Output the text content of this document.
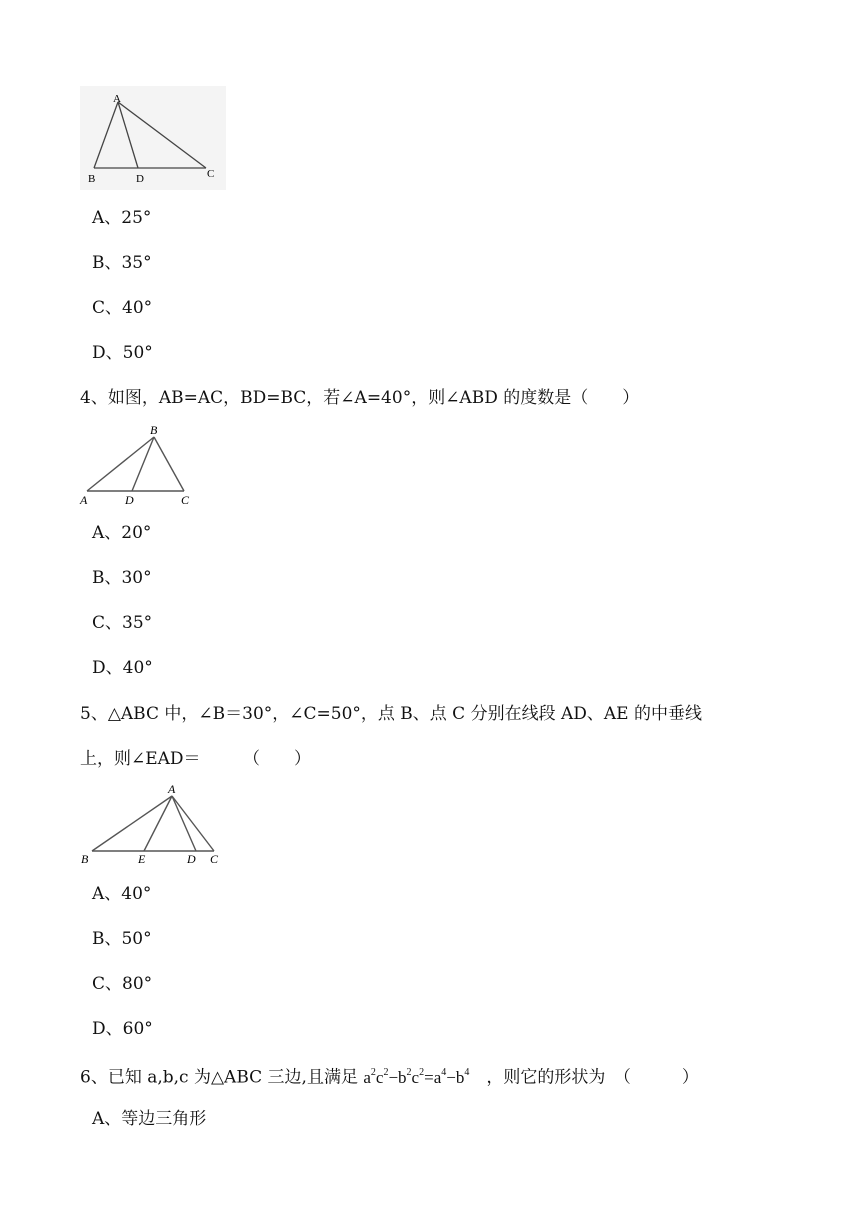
A
B	D	C
A、25°
B、35°
C、40°
D、50°
4、如图，AB=AC，BD=BC，若∠A=40°，则∠ABD 的度数是（　　）
B
A	D	C
A、20°
B、30°
C、35°
D、40°
5、△ABC 中，∠B＝30°，∠C=50°，点 B、点 C 分别在线段 AD、AE 的中垂线
上，则∠EAD＝　　　（　　）
A
B	E	D C
A、40°
B、50°
C、80°
D、60°
6、已知 a,b,c 为△ABC 三边,且满足 $a^2c^2-b^2c^2=a^4-b^4$　，则它的形状为　（　　　）
A、等边三角形
